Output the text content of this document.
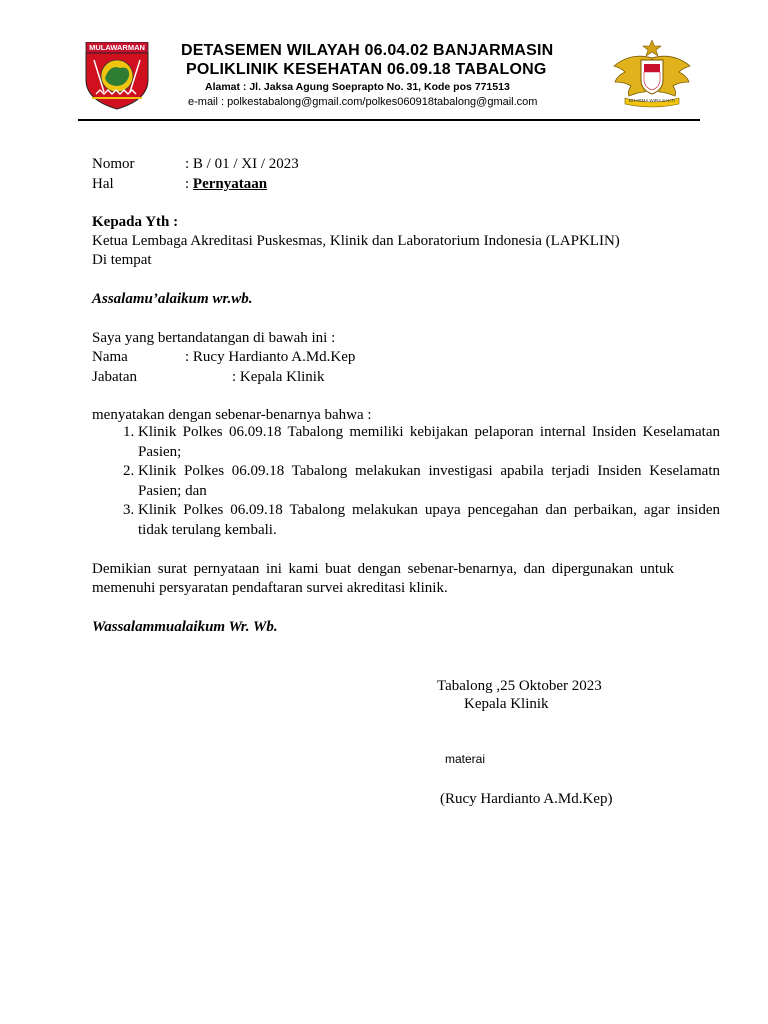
MULAWARMAN DETASEMEN WILAYAH 06.04.02 BANJARMASIN
POLIKLINIK KESEHATAN 06.09.18 TABALONG
Alamat : Jl. Jaksa Agung Soeprapto No. 31, Kode pos 771513
e-mail : polkestabalong@gmail.com/polkes060918tabalong@gmail.com	DHARMA WIRA SAKTI
Nomor	: B / 01 / XI / 2023
Hal	: Pernyataan
Kepada Yth :
Ketua Lembaga Akreditasi Puskesmas, Klinik dan Laboratorium Indonesia (LAPKLIN)
Di tempat
Assalamu’alaikum wr.wb.
Saya yang bertandatangan di bawah ini :
Nama	: Rucy Hardianto A.Md.Kep
Jabatan	: Kepala Klinik
menyatakan dengan sebenar-benarnya bahwa :
1. Klinik Polkes 06.09.18 Tabalong memiliki kebijakan pelaporan internal Insiden Keselamatan Pasien;
2. Klinik Polkes 06.09.18 Tabalong melakukan investigasi apabila terjadi Insiden Keselamatn Pasien; dan
3. Klinik Polkes 06.09.18 Tabalong melakukan upaya pencegahan dan perbaikan, agar insiden tidak terulang kembali.
Demikian surat pernyataan ini kami buat dengan sebenar-benarnya, dan dipergunakan untuk memenuhi persyaratan pendaftaran survei akreditasi klinik.
Wassalammualaikum Wr. Wb.
Tabalong ,25 Oktober 2023
Kepala Klinik
materai
(Rucy Hardianto A.Md.Kep)
